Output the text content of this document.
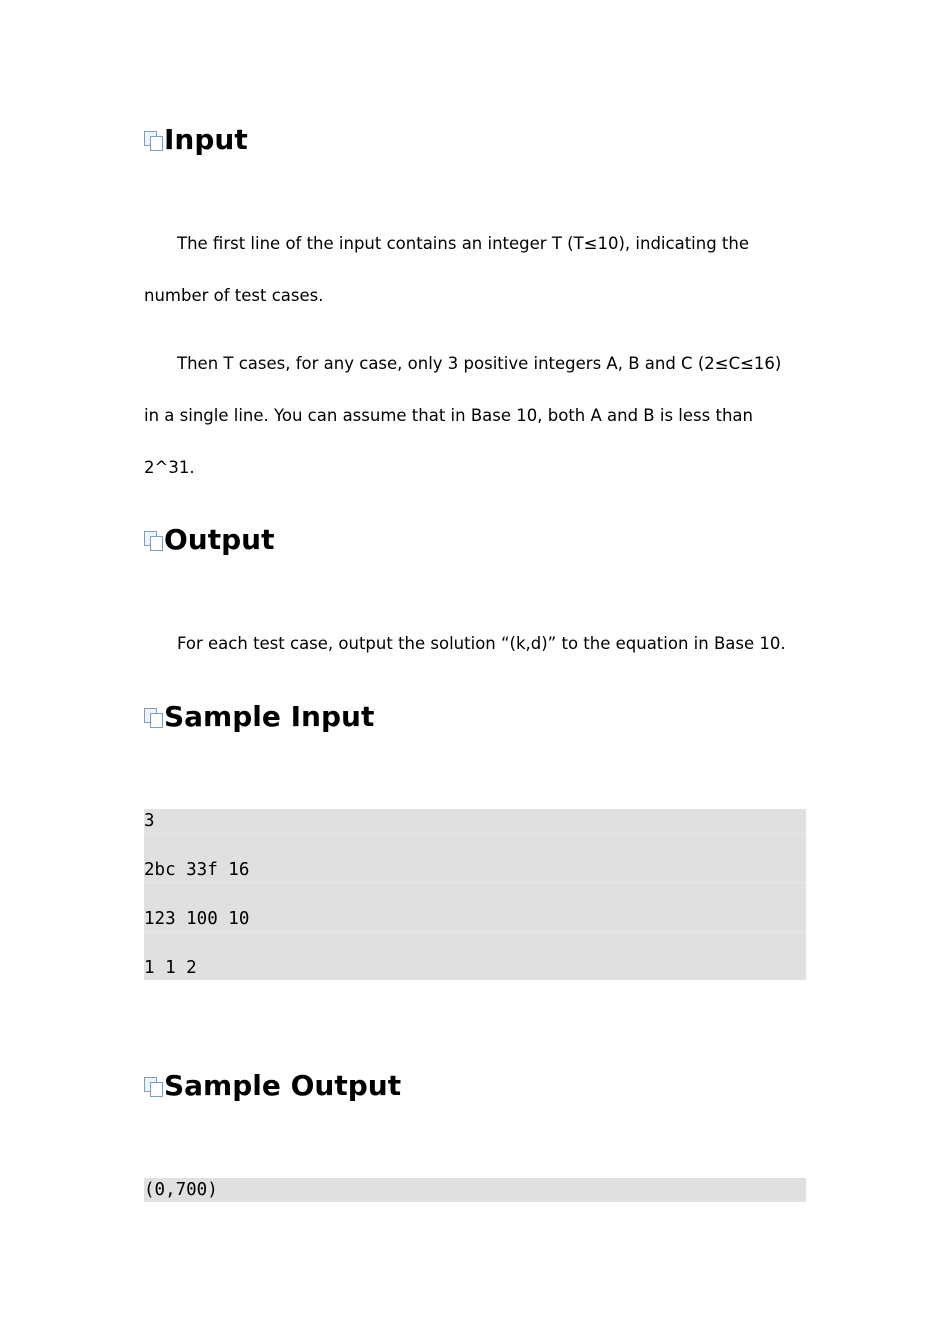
Input
The first line of the input contains an integer T (T≤10), indicating the
number of test cases.
Then T cases, for any case, only 3 positive integers A, B and C (2≤C≤16)
in a single line. You can assume that in Base 10, both A and B is less than
2^31.
Output
For each test case, output the solution “(k,d)” to the equation in Base 10.
Sample Input
3
2bc 33f 16
123 100 10
1 1 2
Sample Output
(0,700)
